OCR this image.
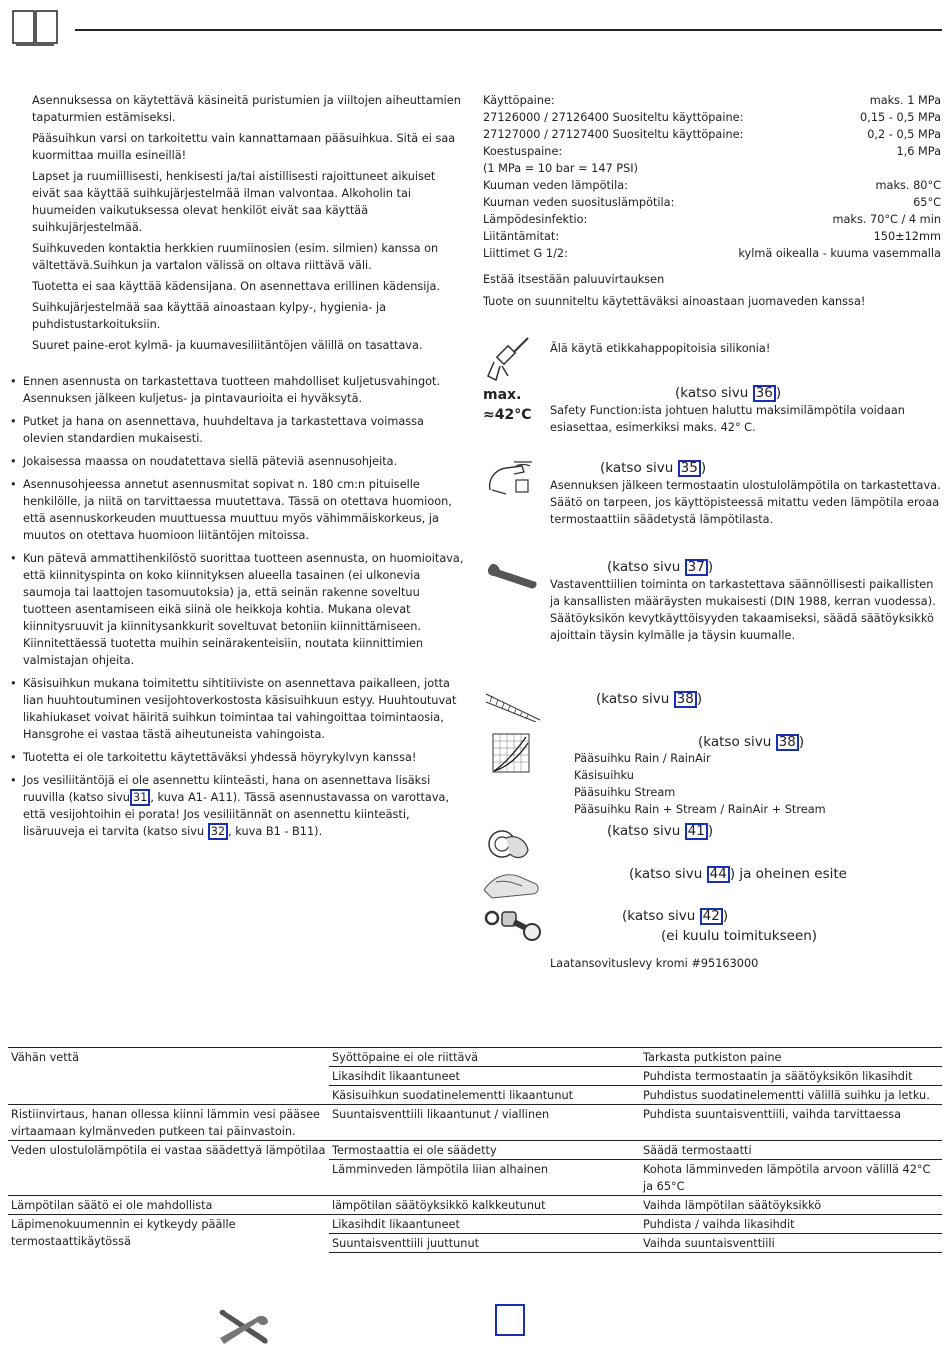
Asennuksessa on käytettävä käsineitä puristumien ja viiltojen aiheuttamien tapaturmien estämiseksi.

Pääsuihkun varsi on tarkoitettu vain kannattamaan pääsuihkua. Sitä ei saa kuormittaa muilla esineillä!

Lapset ja ruumiillisesti, henkisesti ja/tai aistillisesti rajoittuneet aikuiset eivät saa käyttää suihkujärjestelmää ilman valvontaa. Alkoholin tai huumeiden vaikutuksessa olevat henkilöt eivät saa käyttää suihkujärjestelmää.

Suihkuveden kontaktia herkkien ruumiinosien (esim. silmien) kanssa on vältettävä.Suihkun ja vartalon välissä on oltava riittävä väli.

Tuotetta ei saa käyttää kädensijana. On asennettava erillinen kädensija.

Suihkujärjestelmää saa käyttää ainoastaan kylpy-, hygienia- ja puhdistustarkoituksiin.

Suuret paine-erot kylmä- ja kuumavesiliitäntöjen välillä on tasattava.

• Ennen asennusta on tarkastettava tuotteen mahdolliset kuljetusvahingot. Asennuksen jälkeen kuljetus- ja pintavaurioita ei hyväksytä.
• Putket ja hana on asennettava, huuhdeltava ja tarkastettava voimassa olevien standardien mukaisesti.
• Jokaisessa maassa on noudatettava siellä päteviä asennusohjeita.
• Asennusohjeessa annetut asennusmitat sopivat n. 180 cm:n pituiselle henkilölle, ja niitä on tarvittaessa muutettava. Tässä on otettava huomioon, että asennuskorkeuden muuttuessa muuttuu myös vähimmäiskorkeus, ja muutos on otettava huomioon liitäntöjen mitoissa.
• Kun pätevä ammattihenkilöstö suorittaa tuotteen asennusta, on huomioitava, että kiinnityspinta on koko kiinnityksen alueella tasainen (ei ulkonevia saumoja tai laattojen tasomuutoksia) ja, että seinän rakenne soveltuu tuotteen asentamiseen eikä siinä ole heikkoja kohtia. Mukana olevat kiinnitysruuvit ja kiinnitysankkurit soveltuvat betoniin kiinnittämiseen. Kiinnitettäessä tuotetta muihin seinärakenteisiin, noutata kiinnittimien valmistajan ohjeita.
• Käsisuihkun mukana toimitettu sihtitiiviste on asennettava paikalleen, jotta lian huuhtoutuminen vesijohtoverkostosta käsisuihkuun estyy. Huuhtoutuvat likahiukaset voivat häiritä suihkun toimintaa tai vahingoittaa toimintaosia, Hansgrohe ei vastaa tästä aiheutuneista vahingoista.
• Tuotetta ei ole tarkoitettu käytettäväksi yhdessä höyrykylvyn kanssa!
• Jos vesiliitäntöjä ei ole asennettu kiinteästi, hana on asennettava lisäksi ruuvilla (katso sivu 31 , kuva A1- A11). Tässä asennustavassa on varottava, että vesijohtoihin ei porata! Jos vesiliitännät on asennettu kiinteästi, lisäruuveja ei tarvita (katso sivu 32 , kuva B1 - B11).
Käyttöpaine:	maks. 1 MPa
27126000 / 27126400 Suositeltu käyttöpaine:	0,15 - 0,5 MPa
27127000 / 27127400 Suositeltu käyttöpaine:	0,2 - 0,5 MPa
Koestuspaine:	1,6 MPa
(1 MPa = 10 bar = 147 PSI)
Kuuman veden lämpötila:	maks. 80°C
Kuuman veden suosituslämpötila:	65°C
Lämpödesinfektio:	maks. 70°C / 4 min
Liitäntämitat:	150±12mm
Liittimet G 1/2:	kylmä oikealla - kuuma vasemmalla
Estää itsestään paluuvirtauksen
Tuote on suunniteltu käytettäväksi ainoastaan juomaveden kanssa!
Älä käytä etikkahappopitoisia silikonia!
max.
≈42°C
(katso sivu 36 )
Safety Function:ista johtuen haluttu maksimilämpötila voidaan esiasettaa, esimerkiksi maks. 42° C.
(katso sivu 35 )
Asennuksen jälkeen termostaatin ulostulolämpötila on tarkastettava. Säätö on tarpeen, jos käyttöpisteessä mitattu veden lämpötila eroaa termostaattiin säädetystä lämpötilasta.
(katso sivu 37 )
Vastaventtiilien toiminta on tarkastettava säännöllisesti paikallisten ja kansallisten määräysten mukaisesti (DIN 1988, kerran vuodessa). Säätöyksikön kevytkäyttöisyyden takaamiseksi, säädä säätöyksikkö ajoittain täysin kylmälle ja täysin kuumalle.
(katso sivu 38 )
(katso sivu 38 )
Pääsuihku Rain / RainAir
Käsisuihku
Pääsuihku Stream
Pääsuihku Rain + Stream / RainAir + Stream
(katso sivu 41 )
(katso sivu 44 ) ja oheinen esite
(katso sivu 42 )
(ei kuulu toimitukseen)
Laatansovituslevy kromi #95163000
Vähän vettä	Syöttöpaine ei ole riittävä	Tarkasta putkiston paine
	Likasihdit likaantuneet	Puhdista termostaatin ja säätöyksikön likasihdit
	Käsisuihkun suodatinelementti likaantunut	Puhdistus suodatinelementti välillä suihku ja letku.
Ristiinvirtaus, hanan ollessa kiinni lämmin vesi pääsee virtaamaan kylmänveden putkeen tai päinvastoin.	Suuntaisventtiili likaantunut / viallinen	Puhdista suuntaisventtiili, vaihda tarvittaessa
Veden ulostulolämpötila ei vastaa säädettyä lämpötilaa	Termostaattia ei ole säädetty	Säädä termostaatti
	Lämminveden lämpötila liian alhainen	Kohota lämminveden lämpötila arvoon välillä 42°C ja 65°C
Lämpötilan säätö ei ole mahdollista	lämpötilan säätöyksikkö kalkkeutunut	Vaihda lämpötilan säätöyksikkö
Läpimenokuumennin ei kytkeydy päälle termostaattikäytössä	Likasihdit likaantuneet	Puhdista / vaihda likasihdit
	Suuntaisventtiili juuttunut	Vaihda suuntaisventtiili
